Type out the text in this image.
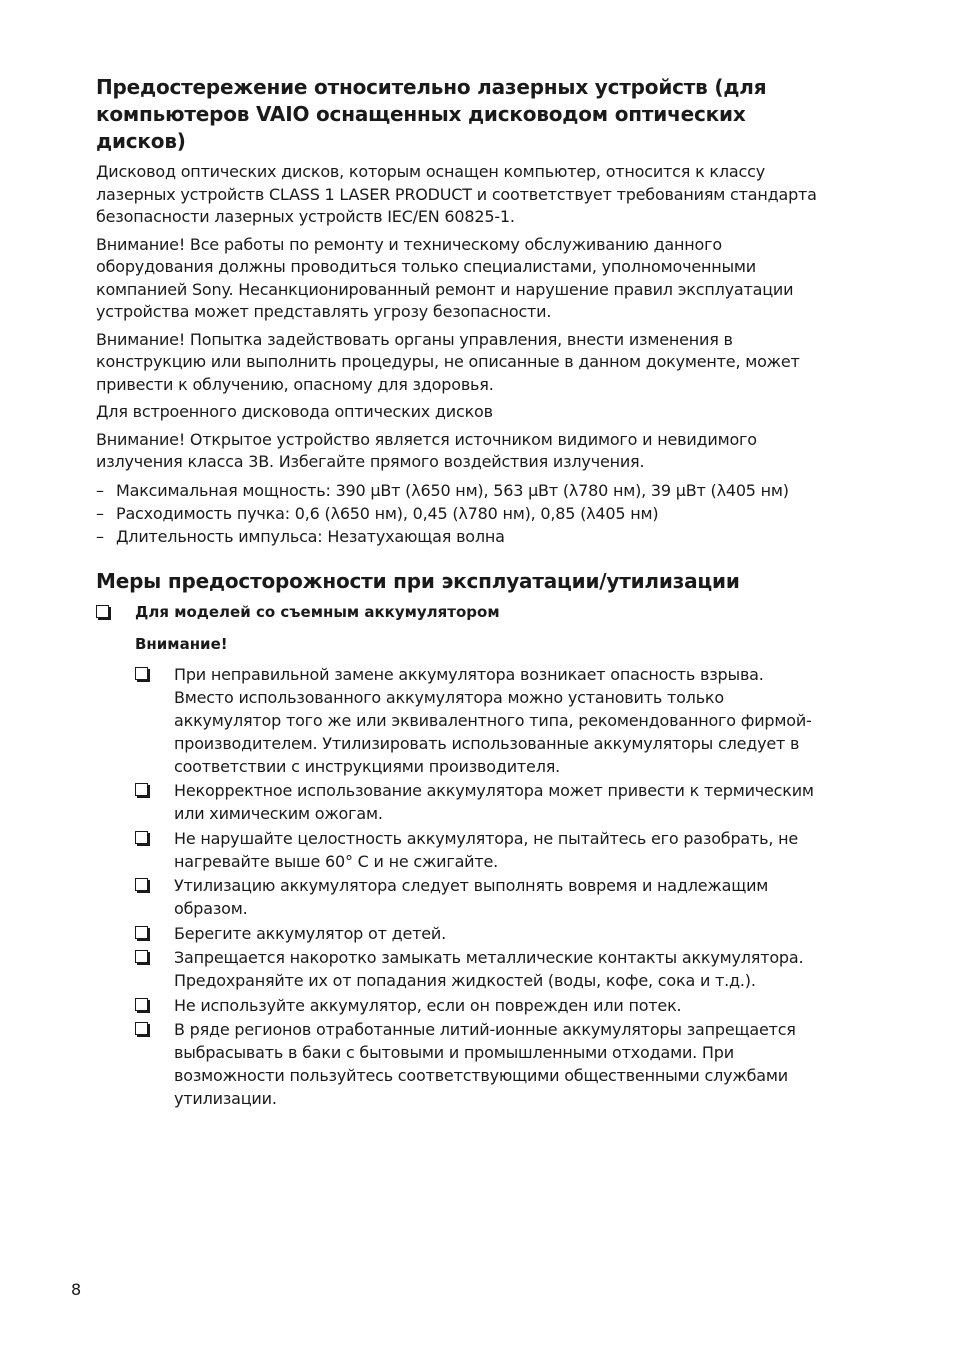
Предостережение относительно лазерных устройств (для компьютеров VAIO оснащенных дисководом оптических дисков)

Дисковод оптических дисков, которым оснащен компьютер, относится к классу лазерных устройств CLASS 1 LASER PRODUCT и соответствует требованиям стандарта безопасности лазерных устройств IEC/EN 60825-1.

Внимание! Все работы по ремонту и техническому обслуживанию данного оборудования должны проводиться только специалистами, уполномоченными компанией Sony. Несанкционированный ремонт и нарушение правил эксплуатации устройства может представлять угрозу безопасности.

Внимание! Попытка задействовать органы управления, внести изменения в конструкцию или выполнить процедуры, не описанные в данном документе, может привести к облучению, опасному для здоровья.

Для встроенного дисковода оптических дисков

Внимание! Открытое устройство является источником видимого и невидимого излучения класса 3B. Избегайте прямого воздействия излучения.

– Максимальная мощность: 390 µВт (λ650 нм), 563 µВт (λ780 нм), 39 µВт (λ405 нм)
– Расходимость пучка: 0,6 (λ650 нм), 0,45 (λ780 нм), 0,85 (λ405 нм)
– Длительность импульса: Незатухающая волна
Меры предосторожности при эксплуатации/утилизации
Для моделей со съемным аккумулятором
Внимание!
При неправильной замене аккумулятора возникает опасность взрыва. Вместо использованного аккумулятора можно установить только аккумулятор того же или эквивалентного типа, рекомендованного фирмой-производителем. Утилизировать использованные аккумуляторы следует в соответствии с инструкциями производителя.
Некорректное использование аккумулятора может привести к термическим или химическим ожогам.
Не нарушайте целостность аккумулятора, не пытайтесь его разобрать, не нагревайте выше 60° C и не сжигайте.
Утилизацию аккумулятора следует выполнять вовремя и надлежащим образом.
Берегите аккумулятор от детей.
Запрещается накоротко замыкать металлические контакты аккумулятора. Предохраняйте их от попадания жидкостей (воды, кофе, сока и т.д.).
Не используйте аккумулятор, если он поврежден или потек.
В ряде регионов отработанные литий-ионные аккумуляторы запрещается выбрасывать в баки с бытовыми и промышленными отходами. При возможности пользуйтесь соответствующими общественными службами утилизации.
8
